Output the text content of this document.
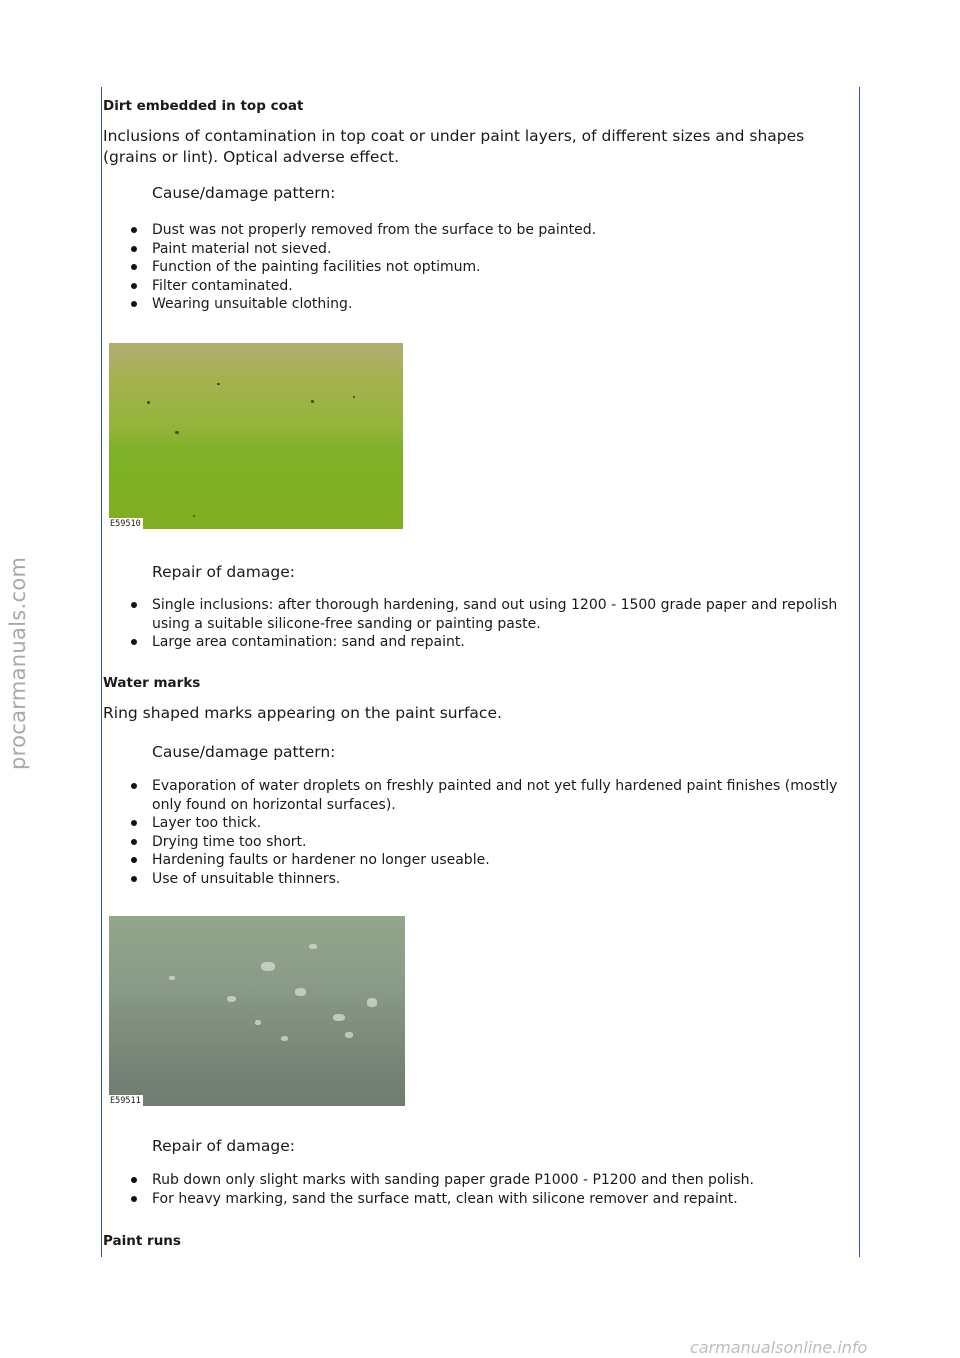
procarmanuals.com
carmanualsonline.info
Dirt embedded in top coat
Inclusions of contamination in top coat or under paint layers, of different sizes and shapes (grains or lint). Optical adverse effect.
Cause/damage pattern:
Dust was not properly removed from the surface to be painted.
Paint material not sieved.
Function of the painting facilities not optimum.
Filter contaminated.
Wearing unsuitable clothing.
Repair of damage:
Single inclusions: after thorough hardening, sand out using 1200 - 1500 grade paper and repolish using a suitable silicone-free sanding or painting paste.
Large area contamination: sand and repaint.
Water marks
Ring shaped marks appearing on the paint surface.
Cause/damage pattern:
Evaporation of water droplets on freshly painted and not yet fully hardened paint finishes (mostly only found on horizontal surfaces).
Layer too thick.
Drying time too short.
Hardening faults or hardener no longer useable.
Use of unsuitable thinners.
Repair of damage:
Rub down only slight marks with sanding paper grade P1000 - P1200 and then polish.
For heavy marking, sand the surface matt, clean with silicone remover and repaint.
Paint runs
E59510
E59511
